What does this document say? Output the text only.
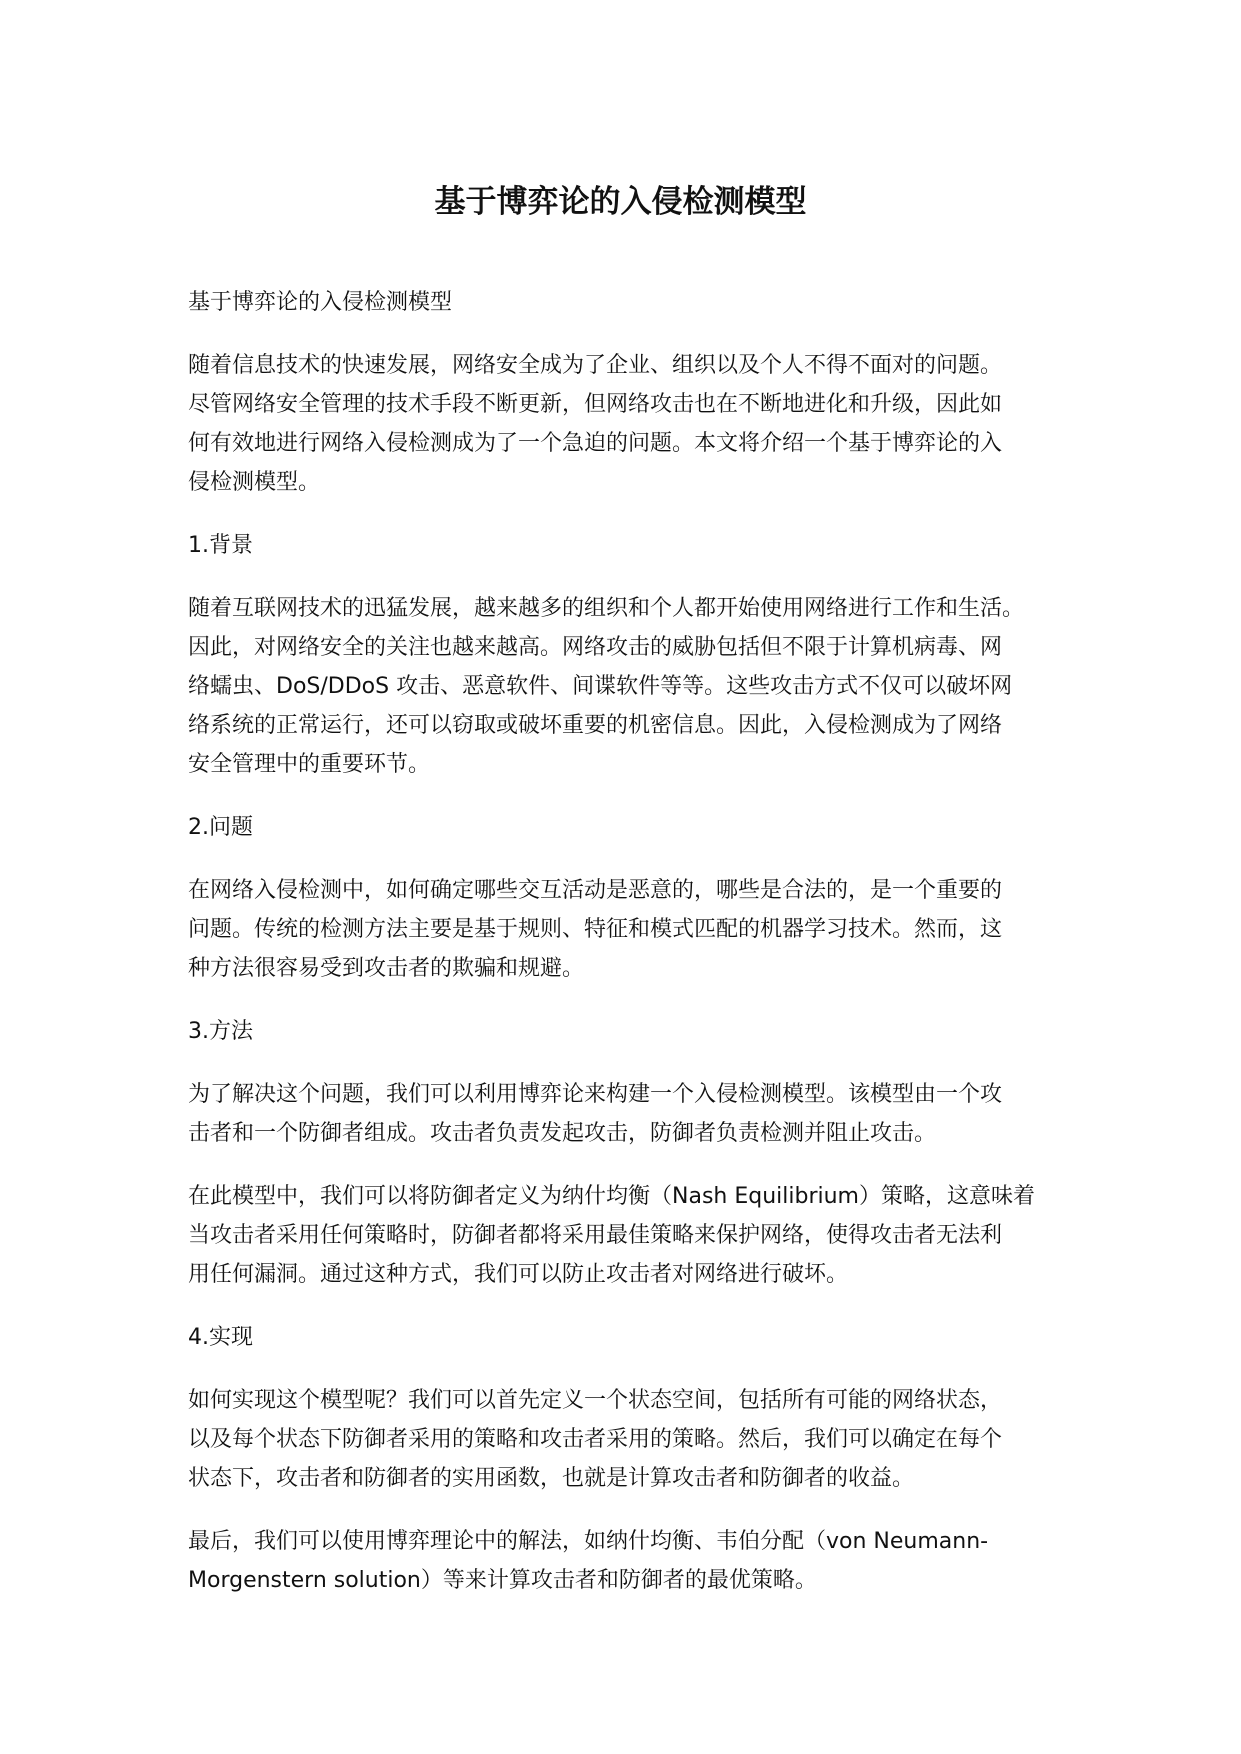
基于博弈论的入侵检测模型

基于博弈论的入侵检测模型

随着信息技术的快速发展，网络安全成为了企业、组织以及个人不得不面对的问题。
尽管网络安全管理的技术手段不断更新，但网络攻击也在不断地进化和升级，因此如
何有效地进行网络入侵检测成为了一个急迫的问题。本文将介绍一个基于博弈论的入
侵检测模型。

1.背景

随着互联网技术的迅猛发展，越来越多的组织和个人都开始使用网络进行工作和生活。
因此，对网络安全的关注也越来越高。网络攻击的威胁包括但不限于计算机病毒、网
络蠕虫、DoS/DDoS 攻击、恶意软件、间谍软件等等。这些攻击方式不仅可以破坏网
络系统的正常运行，还可以窃取或破坏重要的机密信息。因此，入侵检测成为了网络
安全管理中的重要环节。

2.问题

在网络入侵检测中，如何确定哪些交互活动是恶意的，哪些是合法的，是一个重要的
问题。传统的检测方法主要是基于规则、特征和模式匹配的机器学习技术。然而，这
种方法很容易受到攻击者的欺骗和规避。

3.方法

为了解决这个问题，我们可以利用博弈论来构建一个入侵检测模型。该模型由一个攻
击者和一个防御者组成。攻击者负责发起攻击，防御者负责检测并阻止攻击。

在此模型中，我们可以将防御者定义为纳什均衡（Nash Equilibrium）策略，这意味着
当攻击者采用任何策略时，防御者都将采用最佳策略来保护网络，使得攻击者无法利
用任何漏洞。通过这种方式，我们可以防止攻击者对网络进行破坏。

4.实现

如何实现这个模型呢？我们可以首先定义一个状态空间，包括所有可能的网络状态，
以及每个状态下防御者采用的策略和攻击者采用的策略。然后，我们可以确定在每个
状态下，攻击者和防御者的实用函数，也就是计算攻击者和防御者的收益。

最后，我们可以使用博弈理论中的解法，如纳什均衡、韦伯分配（von Neumann-
Morgenstern solution）等来计算攻击者和防御者的最优策略。
